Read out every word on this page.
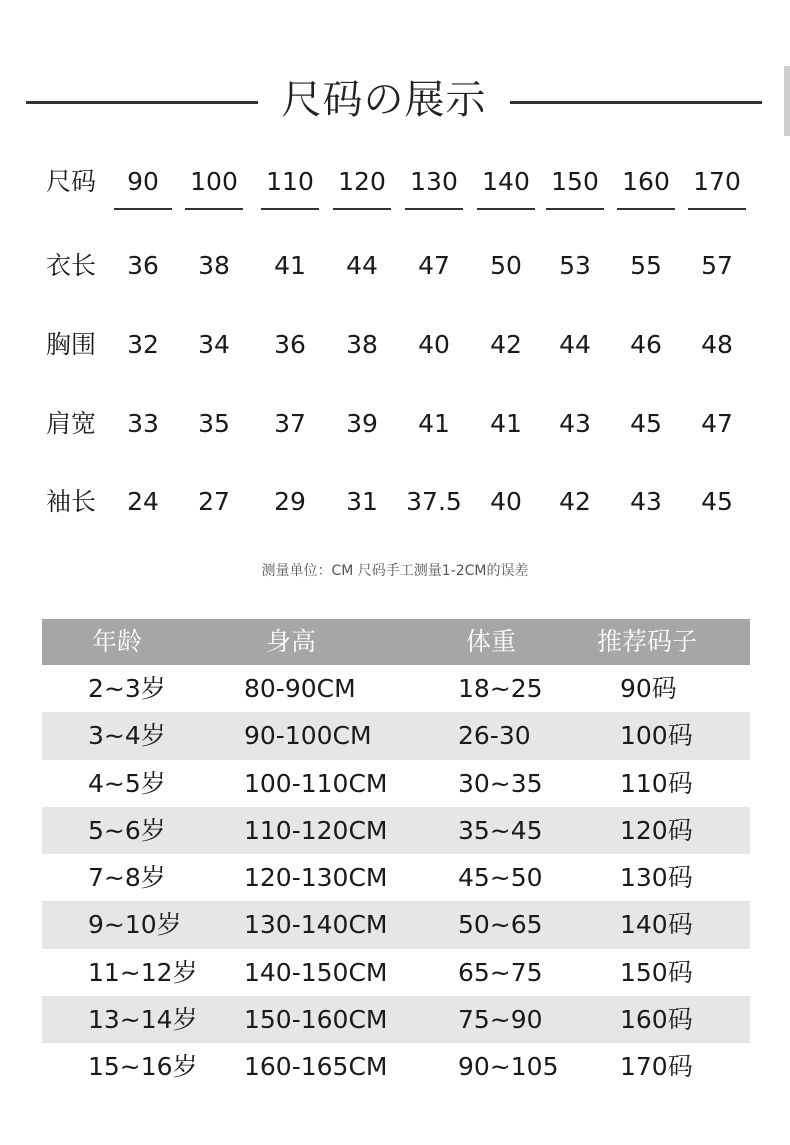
尺码の展示
尺码	90	100	110 120 130 140 150 160 170
衣长	36	38	41	44	47	50	53	55	57
胸围	32	34	36	38	40	42	44	46	48
肩宽	33	35	37	39	41	41	43	45	47
袖长	24	27	29	31	37.5	40	42	43	45
测量单位：CM 尺码手工测量1-2CM的误差
年龄	身高	体重	推荐码子
2~3岁	80-90CM	18~25	90码
3~4岁	90-100CM	26-30	100码
4~5岁	100-110CM	30~35	110码
5~6岁	110-120CM	35~45	120码
7~8岁	120-130CM	45~50	130码
9~10岁 130-140CM	50~65	140码
11~12岁 140-150CM	65~75	150码
13~14岁 150-160CM	75~90	160码
15~16岁 160-165CM	90~105 170码
